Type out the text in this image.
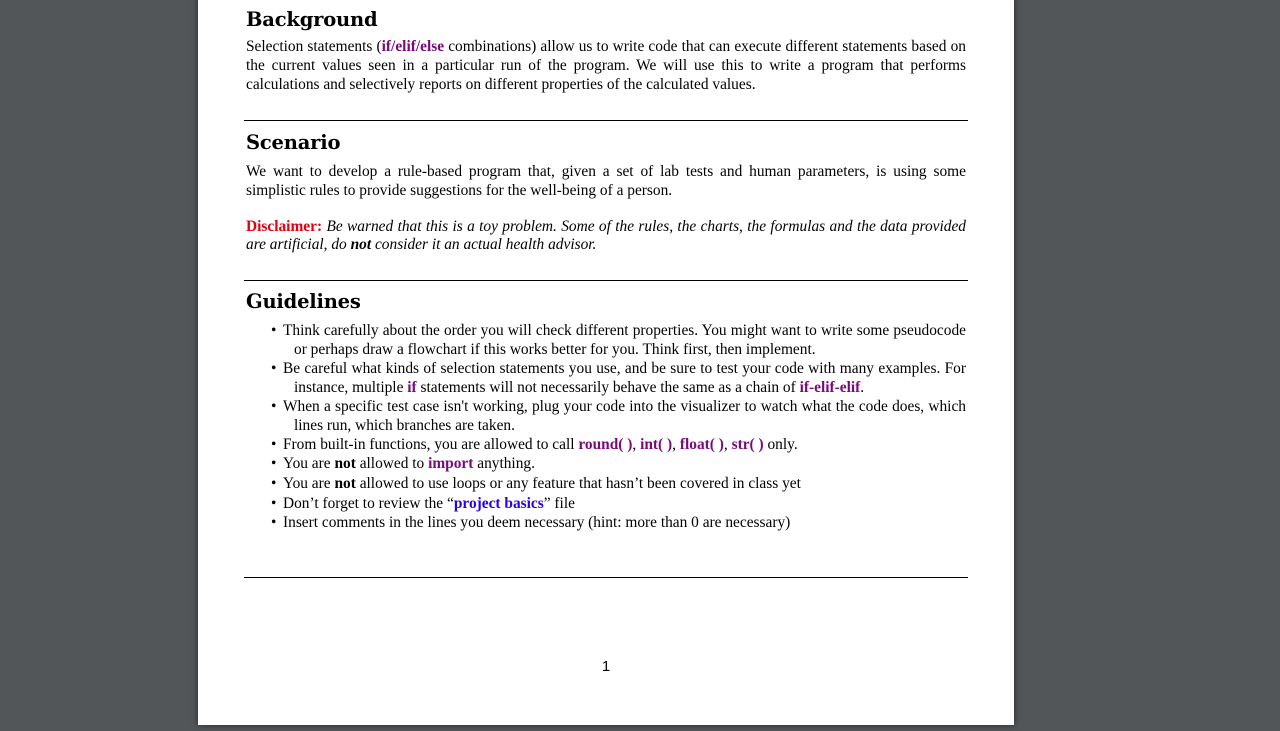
Background

Selection statements (if/elif/else combinations) allow us to write code that can execute different statements based on the current values seen in a particular run of the program. We will use this to write a program that performs calculations and selectively reports on different properties of the calculated values.

Scenario

We want to develop a rule-based program that, given a set of lab tests and human parameters, is using some simplistic rules to provide suggestions for the well-being of a person.

Disclaimer: Be warned that this is a toy problem. Some of the rules, the charts, the formulas and the data provided are artificial, do not consider it an actual health advisor.

Guidelines
• Think carefully about the order you will check different properties. You might want to write some pseudocode or perhaps draw a flowchart if this works better for you. Think first, then implement.
• Be careful what kinds of selection statements you use, and be sure to test your code with many examples. For instance, multiple if statements will not necessarily behave the same as a chain of if-elif-elif.
• When a specific test case isn't working, plug your code into the visualizer to watch what the code does, which lines run, which branches are taken.
• From built-in functions, you are allowed to call round( ), int( ), float( ), str( ) only.
• You are not allowed to import anything.
• You are not allowed to use loops or any feature that hasn’t been covered in class yet
• Don’t forget to review the “project basics” file
• Insert comments in the lines you deem necessary (hint: more than 0 are necessary)
1
